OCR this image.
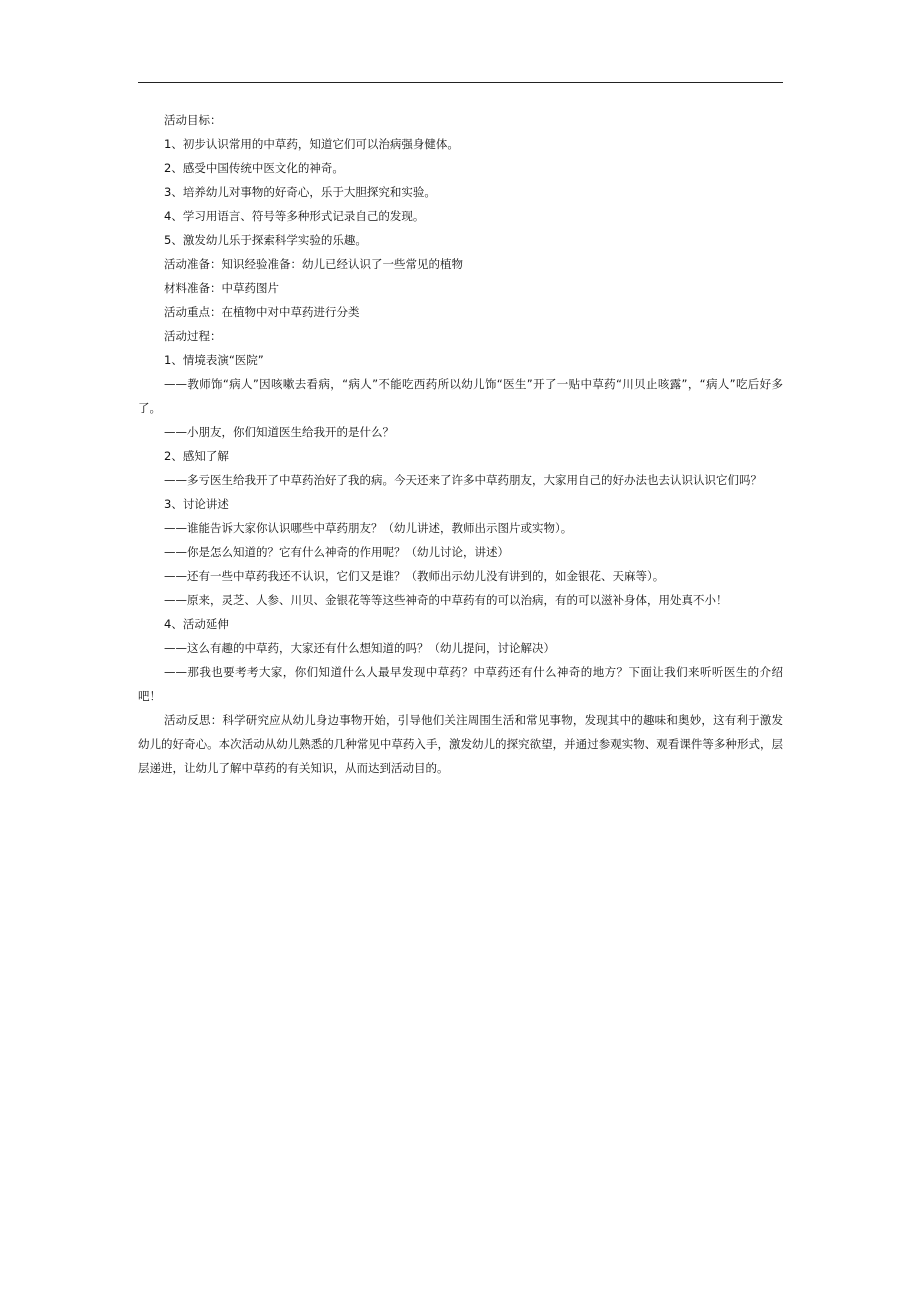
活动目标：

1、初步认识常用的中草药，知道它们可以治病强身健体。

2、感受中国传统中医文化的神奇。

3、培养幼儿对事物的好奇心，乐于大胆探究和实验。

4、学习用语言、符号等多种形式记录自己的发现。

5、激发幼儿乐于探索科学实验的乐趣。

活动准备：知识经验准备：幼儿已经认识了一些常见的植物

材料准备：中草药图片

活动重点：在植物中对中草药进行分类

活动过程：

1、情境表演“医院”

——教师饰“病人”因咳嗽去看病，“病人”不能吃西药所以幼儿饰“医生”开了一贴中草药“川贝止咳露”，“病人”吃后好多了。

——小朋友，你们知道医生给我开的是什么？

2、感知了解

——多亏医生给我开了中草药治好了我的病。今天还来了许多中草药朋友，大家用自己的好办法也去认识认识它们吗？

3、讨论讲述

——谁能告诉大家你认识哪些中草药朋友？（幼儿讲述，教师出示图片或实物）。

——你是怎么知道的？它有什么神奇的作用呢？（幼儿讨论，讲述）

——还有一些中草药我还不认识，它们又是谁？（教师出示幼儿没有讲到的，如金银花、天麻等）。

——原来，灵芝、人参、川贝、金银花等等这些神奇的中草药有的可以治病，有的可以滋补身体，用处真不小！

4、活动延伸

——这么有趣的中草药，大家还有什么想知道的吗？（幼儿提问，讨论解决）

——那我也要考考大家，你们知道什么人最早发现中草药？中草药还有什么神奇的地方？下面让我们来听听医生的介绍吧！

活动反思：科学研究应从幼儿身边事物开始，引导他们关注周围生活和常见事物，发现其中的趣味和奥妙，这有利于激发幼儿的好奇心。本次活动从幼儿熟悉的几种常见中草药入手，激发幼儿的探究欲望，并通过参观实物、观看课件等多种形式，层层递进，让幼儿了解中草药的有关知识，从而达到活动目的。
